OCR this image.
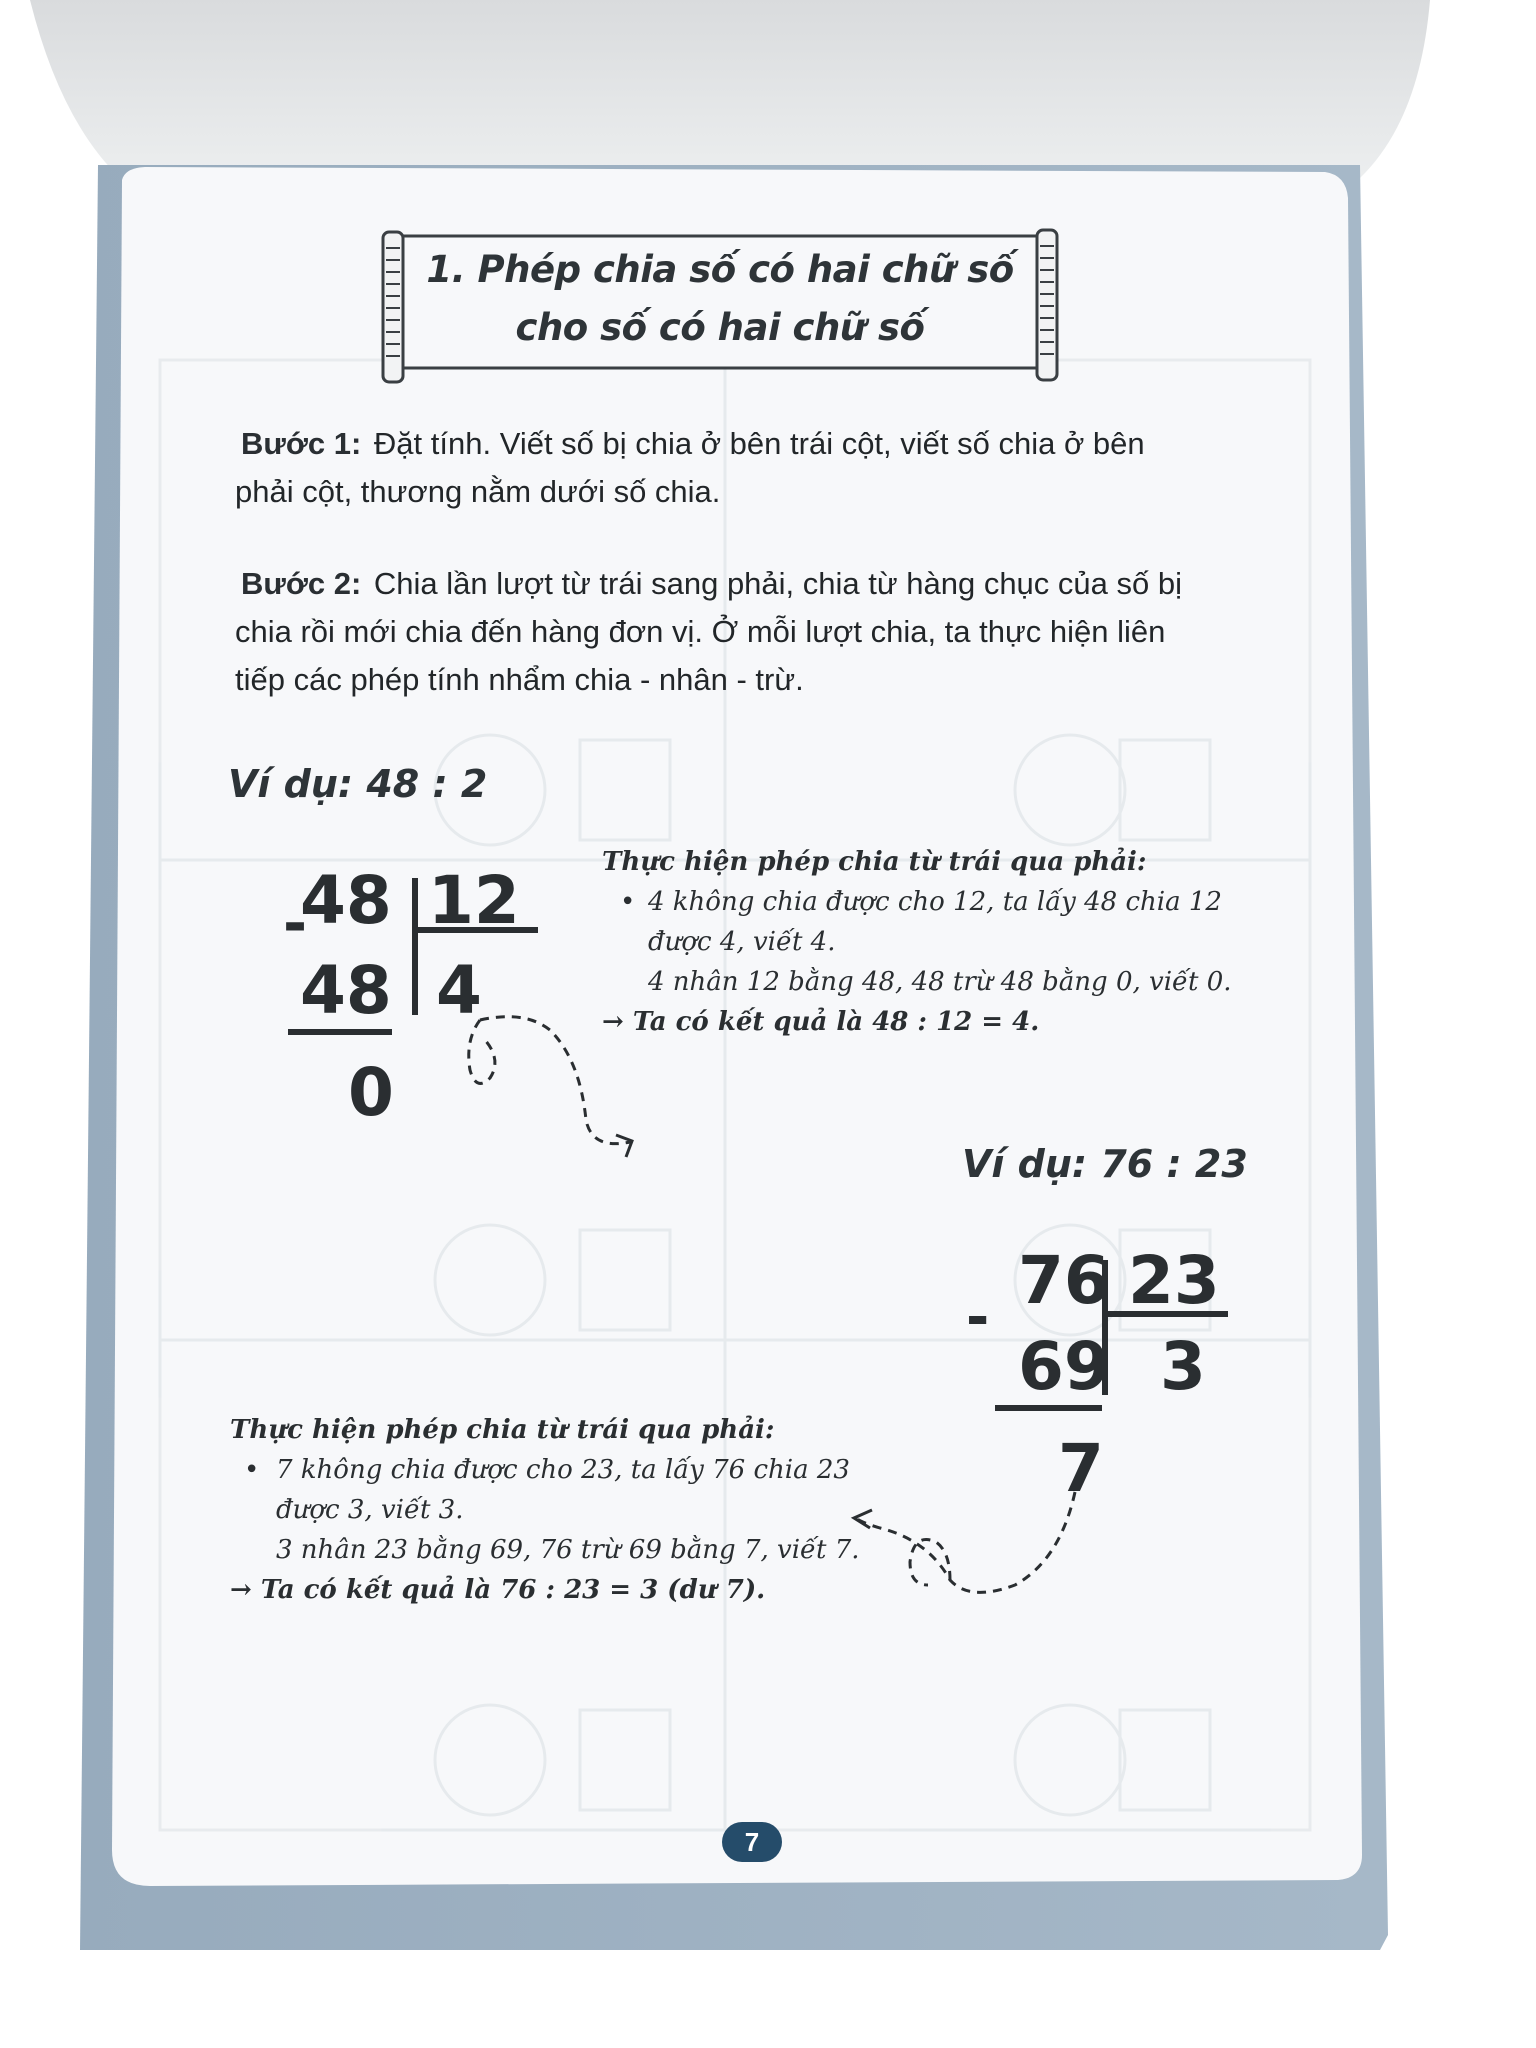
1. Phép chia số có hai chữ số
cho số có hai chữ số
Bước 1: Đặt tính. Viết số bị chia ở bên trái cột, viết số chia ở bên
phải cột, thương nằm dưới số chia.
Bước 2: Chia lần lượt từ trái sang phải, chia từ hàng chục của số bị
chia rồi mới chia đến hàng đơn vị. Ở mỗi lượt chia, ta thực hiện liên
tiếp các phép tính nhẩm chia - nhân - trừ.
Ví dụ: 48 : 2
48 12
-
48 4
0
Thực hiện phép chia từ trái qua phải:
• 4 không chia được cho 12, ta lấy 48 chia 12
được 4, viết 4.
4 nhân 12 bằng 48, 48 trừ 48 bằng 0, viết 0.
→ Ta có kết quả là 48 : 12 = 4.
Ví dụ: 76 : 23
76 23
-
69 3
7
Thực hiện phép chia từ trái qua phải:
• 7 không chia được cho 23, ta lấy 76 chia 23
được 3, viết 3.
3 nhân 23 bằng 69, 76 trừ 69 bằng 7, viết 7.
→ Ta có kết quả là 76 : 23 = 3 (dư 7).
7
